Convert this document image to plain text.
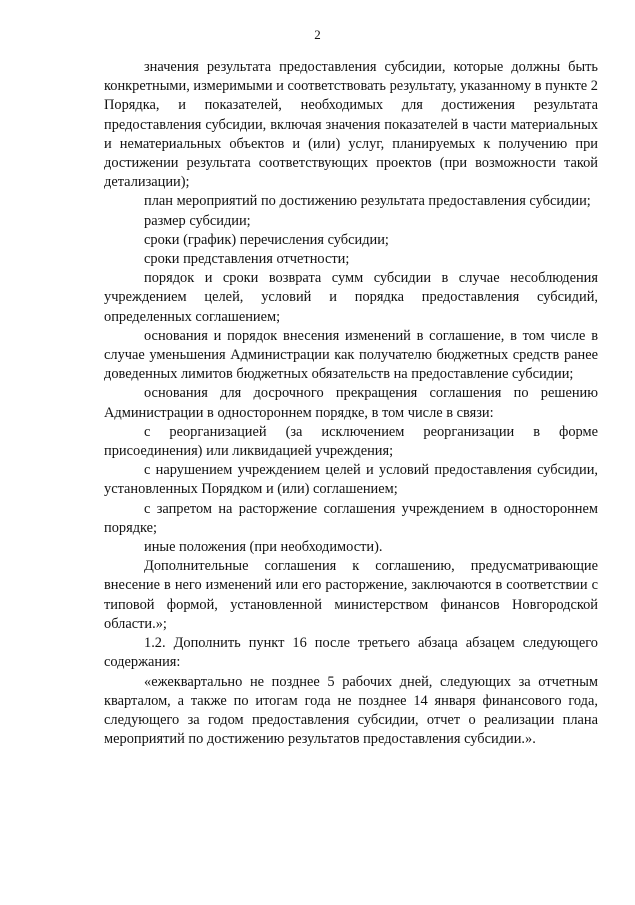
2

значения результата предоставления субсидии, которые должны быть конкретными, измеримыми и соответствовать результату, указанному в пункте 2 Порядка, и показателей, необходимых для достижения результата предоставления субсидии, включая значения показателей в части материальных и нематериальных объектов и (или) услуг, планируемых к получению при достижении результата соответствующих проектов (при возможности такой детализации);

план мероприятий по достижению результата предоставления субсидии;

размер субсидии;

сроки (график) перечисления субсидии;

сроки представления отчетности;

порядок и сроки возврата сумм субсидии в случае несоблюдения учреждением целей, условий и порядка предоставления субсидий, определенных соглашением;

основания и порядок внесения изменений в соглашение, в том числе в случае уменьшения Администрации как получателю бюджетных средств ранее доведенных лимитов бюджетных обязательств на предоставление субсидии;

основания для досрочного прекращения соглашения по решению Администрации в одностороннем порядке, в том числе в связи:

с реорганизацией (за исключением реорганизации в форме присоединения) или ликвидацией учреждения;

с нарушением учреждением целей и условий предоставления субсидии, установленных Порядком и (или) соглашением;

с запретом на расторжение соглашения учреждением в одностороннем порядке;

иные положения (при необходимости).

Дополнительные соглашения к соглашению, предусматривающие внесение в него изменений или его расторжение, заключаются в соответствии с типовой формой, установленной министерством финансов Новгородской области.»;

1.2. Дополнить пункт 16 после третьего абзаца абзацем следующего содержания:

«ежеквартально не позднее 5 рабочих дней, следующих за отчетным кварталом, а также по итогам года не позднее 14 января финансового года, следующего за годом предоставления субсидии, отчет о реализации плана мероприятий по достижению результатов предоставления субсидии.».
